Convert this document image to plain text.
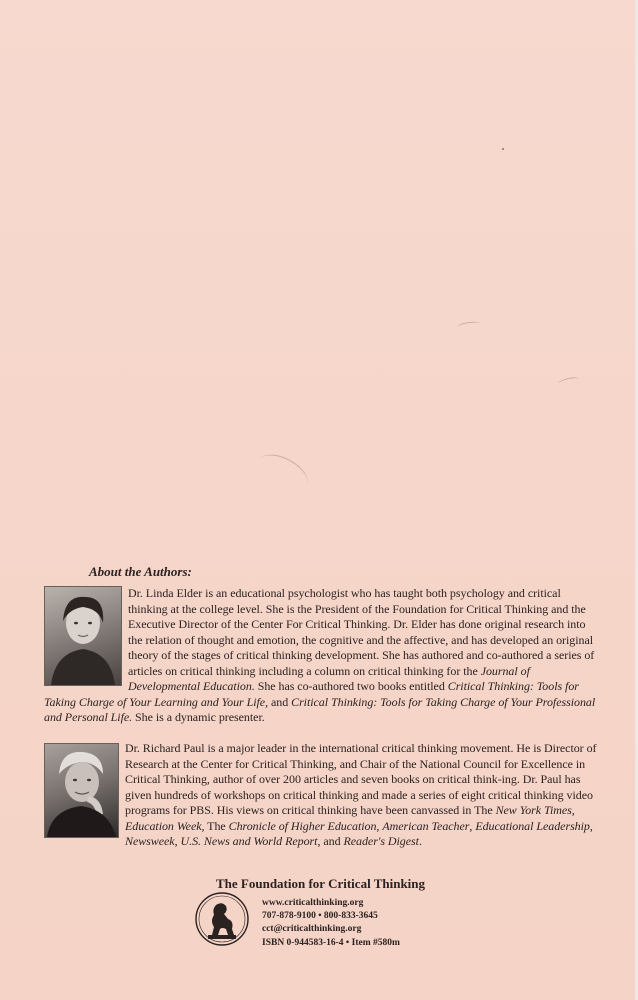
About the Authors:

Dr. Linda Elder is an educational psychologist who has taught both psychology and critical thinking at the college level. She is the President of the Foundation for Critical Thinking and the Executive Director of the Center For Critical Thinking. Dr. Elder has done original research into the relation of thought and emotion, the cognitive and the affective, and has developed an original theory of the stages of critical thinking development. She has authored and co-authored a series of articles on critical thinking including a column on critical thinking for the Journal of Developmental Education. She has co-authored two books entitled Critical Thinking: Tools for Taking Charge of Your Learning and Your Life, and Critical Thinking: Tools for Taking Charge of Your Professional and Personal Life. She is a dynamic presenter.

Dr. Richard Paul is a major leader in the international critical thinking movement. He is Director of Research at the Center for Critical Thinking, and Chair of the National Council for Excellence in Critical Thinking, author of over 200 articles and seven books on critical think-ing. Dr. Paul has given hundreds of workshops on critical thinking and made a series of eight critical thinking video programs for PBS. His views on critical thinking have been canvassed in The New York Times, Education Week, The Chronicle of Higher Education, American Teacher, Educational Leadership, Newsweek, U.S. News and World Report, and Reader's Digest.

The Foundation for Critical Thinking

www.criticalthinking.org
707-878-9100 • 800-833-3645
cct@criticalthinking.org
ISBN 0-944583-16-4 • Item #580m
